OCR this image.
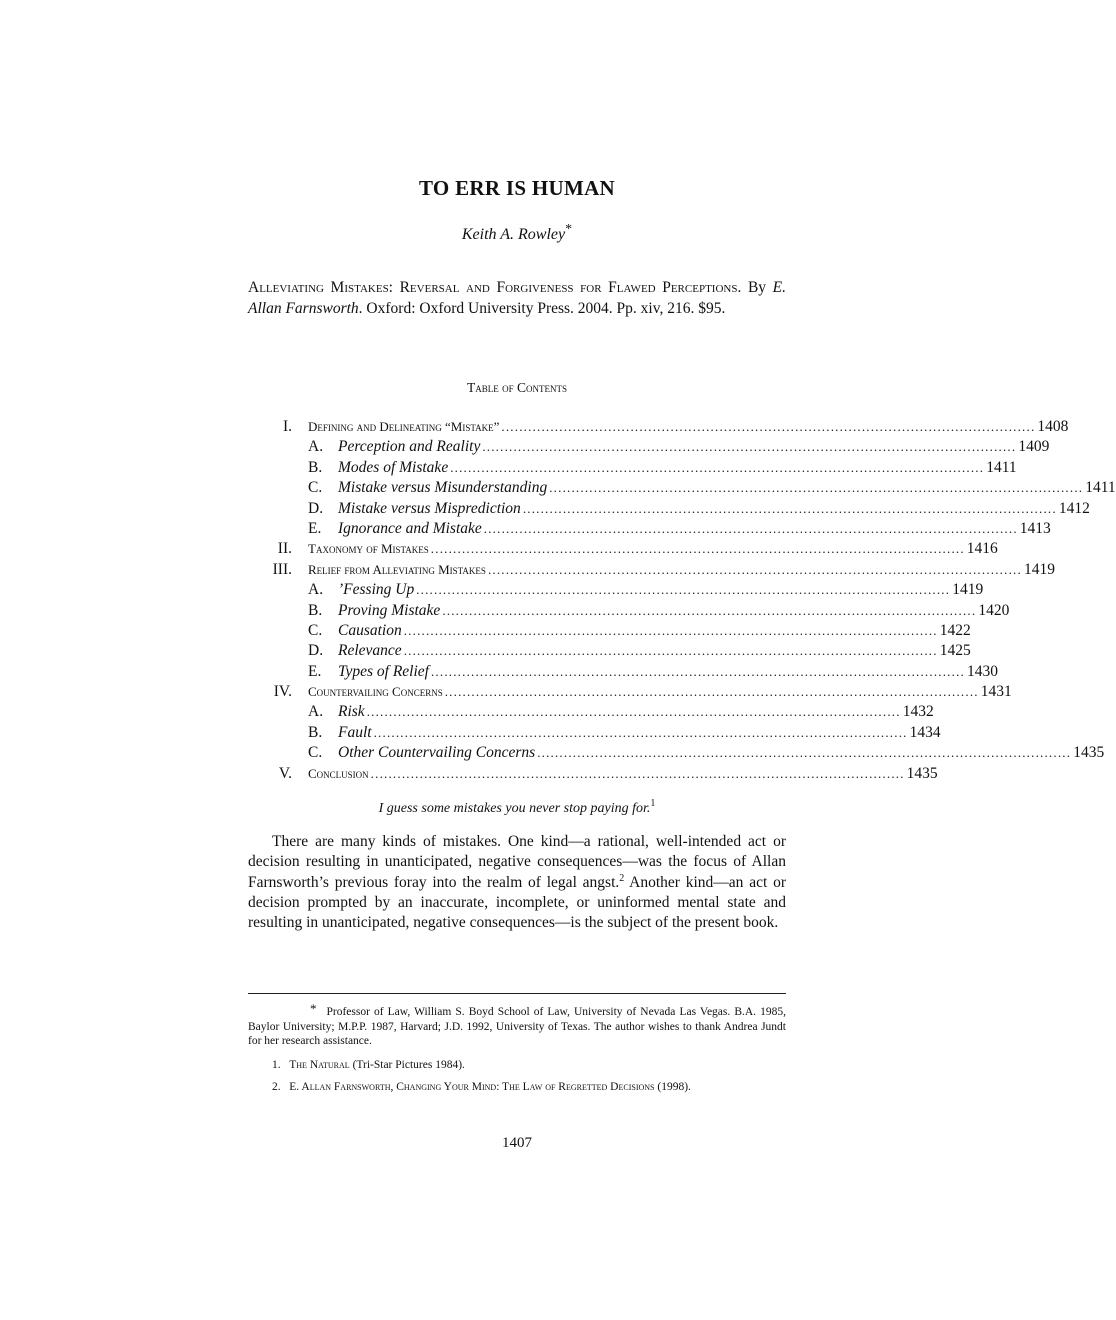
TO ERR IS HUMAN
Keith A. Rowley*
Alleviating Mistakes: Reversal and Forgiveness for Flawed Perceptions. By E. Allan Farnsworth. Oxford: Oxford University Press. 2004. Pp. xiv, 216. $95.
Table of Contents
I. Defining and Delineating “Mistake” ........................................................................................................................ 1408
A. Perception and Reality ........................................................................................................................ 1409
B.	Modes of Mistake ........................................................................................................................ 1411
C.	Mistake versus Misunderstanding ........................................................................................................................ 1411
D. Mistake versus Misprediction ........................................................................................................................ 1412
E.	Ignorance and Mistake ........................................................................................................................ 1413
II. Taxonomy of Mistakes ........................................................................................................................ 1416
III. Relief from Alleviating Mistakes ........................................................................................................................ 1419
A. ’Fessing Up ........................................................................................................................ 1419
B.	Proving Mistake ........................................................................................................................ 1420
C.	Causation ........................................................................................................................ 1422
D. Relevance ........................................................................................................................ 1425
E.	Types of Relief ........................................................................................................................ 1430
IV. Countervailing Concerns ........................................................................................................................ 1431
A. Risk ........................................................................................................................ 1432
B.	Fault ........................................................................................................................ 1434
C.	Other Countervailing Concerns ........................................................................................................................ 1435
V. Conclusion ........................................................................................................................ 1435
I guess some mistakes you never stop paying for.$^1$

There are many kinds of mistakes. One kind—a rational, well-intended act or decision resulting in unanticipated, negative consequences—was the focus of Allan Farnsworth’s previous foray into the realm of legal angst.$^2$ Another kind—an act or decision prompted by an inaccurate, incomplete, or uninformed mental state and resulting in unanticipated, negative consequences—is the subject of the present book.

* Professor of Law, William S. Boyd School of Law, University of Nevada Las Vegas. B.A. 1985, Baylor University; M.P.P. 1987, Harvard; J.D. 1992, University of Texas. The author wishes to thank Andrea Jundt for her research assistance.
1. The Natural (Tri-Star Pictures 1984).
2. E. Allan Farnsworth, Changing Your Mind: The Law of Regretted Decisions (1998).
1407
